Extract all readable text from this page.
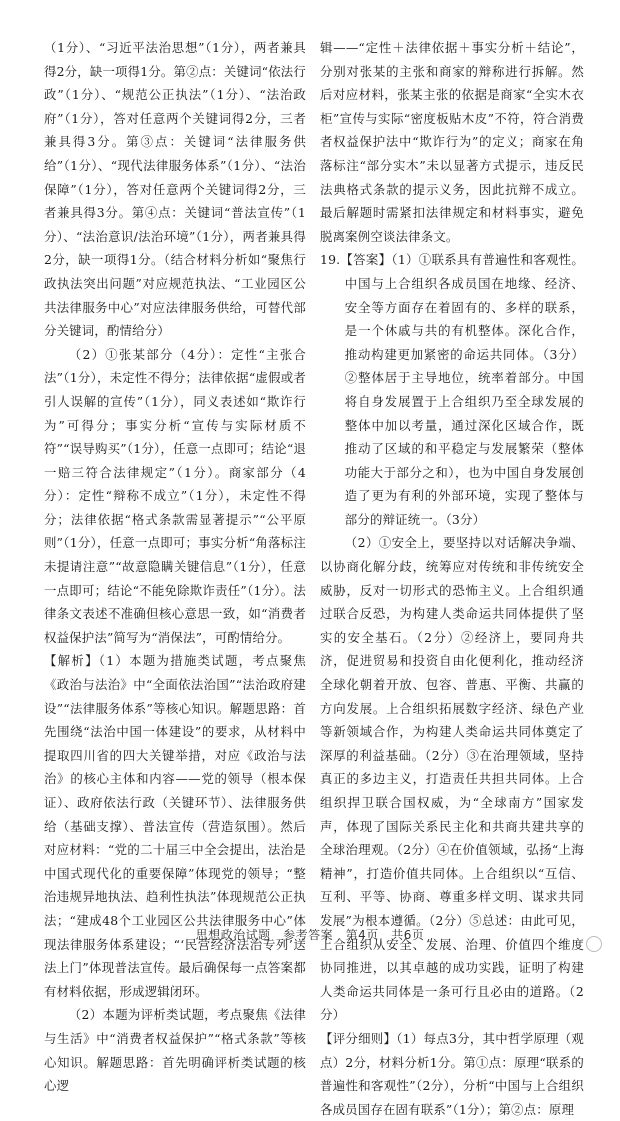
（1分）、“习近平法治思想”（1分），两者兼具得2分，缺一项得1分。第②点：关键词“依法行政”（1分）、“规范公正执法”（1分）、“法治政府”（1分），答对任意两个关键词得2分，三者兼具得3分。第③点：关键词“法律服务供给”（1分）、“现代法律服务体系”（1分）、“法治保障”（1分），答对任意两个关键词得2分，三者兼具得3分。第④点：关键词“普法宣传”（1分）、“法治意识/法治环境”（1分），两者兼具得2分，缺一项得1分。（结合材料分析如“聚焦行政执法突出问题”对应规范执法、“工业园区公共法律服务中心”对应法律服务供给，可替代部分关键词，酌情给分）

（2）①张某部分（4分）：定性“主张合法”（1分），未定性不得分；法律依据“虚假或者引人误解的宣传”（1分），同义表述如“欺诈行为”可得分；事实分析“宣传与实际材质不符”“误导购买”（1分），任意一点即可；结论“退一赔三符合法律规定”（1分）。商家部分（4分）：定性“辩称不成立”（1分），未定性不得分；法律依据“格式条款需显著提示”“公平原则”（1分），任意一点即可；事实分析“角落标注未提请注意”“故意隐瞒关键信息”（1分），任意一点即可；结论“不能免除欺诈责任”（1分）。法律条文表述不准确但核心意思一致，如“消费者权益保护法”简写为“消保法”，可酌情给分。

【解析】（1）本题为措施类试题，考点聚焦《政治与法治》中“全面依法治国”“法治政府建设”“法律服务体系”等核心知识。解题思路：首先围绕“法治中国一体建设”的要求，从材料中提取四川省的四大关键举措，对应《政治与法治》的核心主体和内容——党的领导（根本保证）、政府依法行政（关键环节）、法律服务供给（基础支撑）、普法宣传（营造氛围）。然后对应材料：“党的二十届三中全会提出，法治是中国式现代化的重要保障”体现党的领导；“整治违规异地执法、趋利性执法”体现规范公正执法；“建成48个工业园区公共法律服务中心”体现法律服务体系建设；“‘民营经济法治专列’送法上门”体现普法宣传。最后确保每一点答案都有材料依据，形成逻辑闭环。

（2）本题为评析类试题，考点聚焦《法律与生活》中“消费者权益保护”“格式条款”等核心知识。解题思路：首先明确评析类试题的核心逻

辑——“定性＋法律依据＋事实分析＋结论”，分别对张某的主张和商家的辩称进行拆解。然后对应材料，张某主张的依据是商家“全实木衣柜”宣传与实际“密度板贴木皮”不符，符合消费者权益保护法中“欺诈行为”的定义；商家在角落标注“部分实木”未以显著方式提示，违反民法典格式条款的提示义务，因此抗辩不成立。最后解题时需紧扣法律规定和材料事实，避免脱离案例空谈法律条文。

19.【答案】（1）①联系具有普遍性和客观性。中国与上合组织各成员国在地缘、经济、安全等方面存在着固有的、多样的联系，是一个休戚与共的有机整体。深化合作，推动构建更加紧密的命运共同体。（3分）②整体居于主导地位，统率着部分。中国将自身发展置于上合组织乃至全球发展的整体中加以考量，通过深化区域合作，既推动了区域的和平稳定与发展繁荣（整体功能大于部分之和），也为中国自身发展创造了更为有利的外部环境，实现了整体与部分的辩证统一。（3分）

（2）①安全上，要坚持以对话解决争端、以协商化解分歧，统筹应对传统和非传统安全威胁，反对一切形式的恐怖主义。上合组织通过联合反恐，为构建人类命运共同体提供了坚实的安全基石。（2分）②经济上，要同舟共济，促进贸易和投资自由化便利化，推动经济全球化朝着开放、包容、普惠、平衡、共赢的方向发展。上合组织拓展数字经济、绿色产业等新领域合作，为构建人类命运共同体奠定了深厚的利益基础。（2分）③在治理领域，坚持真正的多边主义，打造责任共担共同体。上合组织捍卫联合国权威，为“全球南方”国家发声，体现了国际关系民主化和共商共建共享的全球治理观。（2分）④在价值领域，弘扬“上海精神”，打造价值共同体。上合组织以“互信、互利、平等、协商、尊重多样文明、谋求共同发展”为根本遵循。（2分）⑤总述：由此可见，上合组织从安全、发展、治理、价值四个维度协同推进，以其卓越的成功实践，证明了构建人类命运共同体是一条可行且必由的道路。（2分）

【评分细则】（1）每点3分，其中哲学原理（观点）2分，材料分析1分。第①点：原理“联系的普遍性和客观性”（2分），分析“中国与上合组织各成员国存在固有联系”（1分）；第②点：原理

思想政治试题　参考答案　第4页　共6页
